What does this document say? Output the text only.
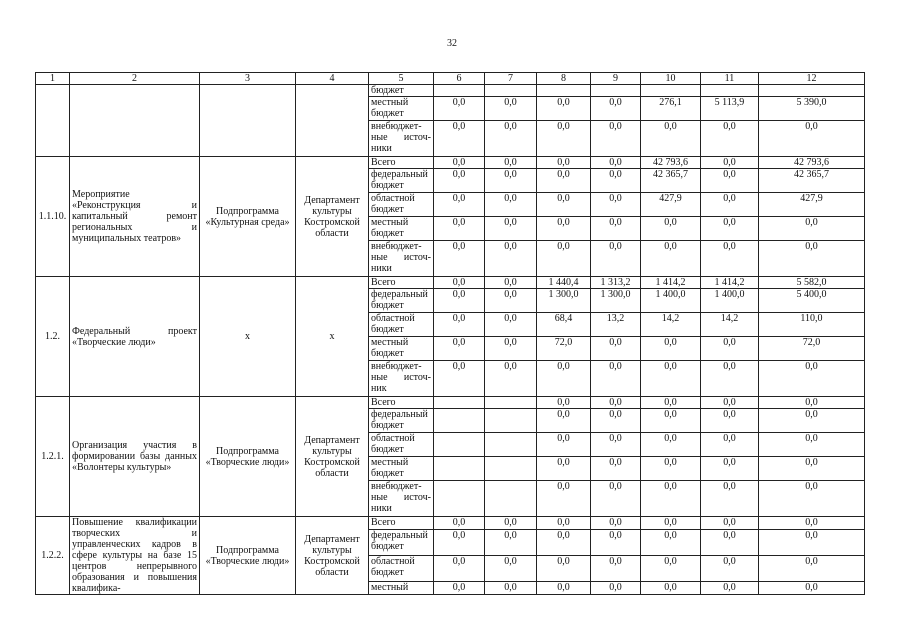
32
1	2	3	4	5	6	7	8	9	10	11	12

				бюджет							

				местный
бюджет	0,0	0,0	0,0	0,0	276,1	5 113,9	5 390,0

				внебюджет-
ные источ-
ники	0,0	0,0	0,0	0,0	0,0	0,0	0,0
1.1.10.	Мероприятие «Реконструкция и капитальный ремонт региональных и муниципальных театров»	Подпрограмма «Культурная среда»	Департамент культуры Костромской области	Всего	0,0	0,0	0,0	0,0	42 793,6	0,0	42 793,6

				федеральный
бюджет	0,0	0,0	0,0	0,0	42 365,7	0,0	42 365,7

				областной
бюджет	0,0	0,0	0,0	0,0	427,9	0,0	427,9

				местный
бюджет	0,0	0,0	0,0	0,0	0,0	0,0	0,0

				внебюджет-
ные источ-
ники	0,0	0,0	0,0	0,0	0,0	0,0	0,0
1.2.	Федеральный проект «Творческие люди»	х	х	Всего	0,0	0,0	1 440,4	1 313,2	1 414,2	1 414,2	5 582,0

				федеральный
бюджет	0,0	0,0	1 300,0	1 300,0	1 400,0	1 400,0	5 400,0

				областной
бюджет	0,0	0,0	68,4	13,2	14,2	14,2	110,0

				местный
бюджет	0,0	0,0	72,0	0,0	0,0	0,0	72,0

				внебюджет-
ные источ-
ник	0,0	0,0	0,0	0,0	0,0	0,0	0,0
1.2.1.	Организация участия в формировании базы данных «Волонтеры культуры»	Подпрограмма «Творческие люди»	Департамент культуры Костромской области	Всего			0,0	0,0	0,0	0,0	0,0

				федеральный
бюджет			0,0	0,0	0,0	0,0	0,0

				областной
бюджет			0,0	0,0	0,0	0,0	0,0

				местный
бюджет			0,0	0,0	0,0	0,0	0,0

				внебюджет-
ные источ-
ники			0,0	0,0	0,0	0,0	0,0
1.2.2.	Повышение квалификации творческих и управленческих кадров в сфере культуры на базе 15 центров непрерывного образования и повышения квалифика-	Подпрограмма «Творческие люди»	Департамент культуры Костромской области	Всего	0,0	0,0	0,0	0,0	0,0	0,0	0,0

				федеральный
бюджет	0,0	0,0	0,0	0,0	0,0	0,0	0,0

				областной
бюджет	0,0	0,0	0,0	0,0	0,0	0,0	0,0

				местный	0,0	0,0	0,0	0,0	0,0	0,0	0,0
